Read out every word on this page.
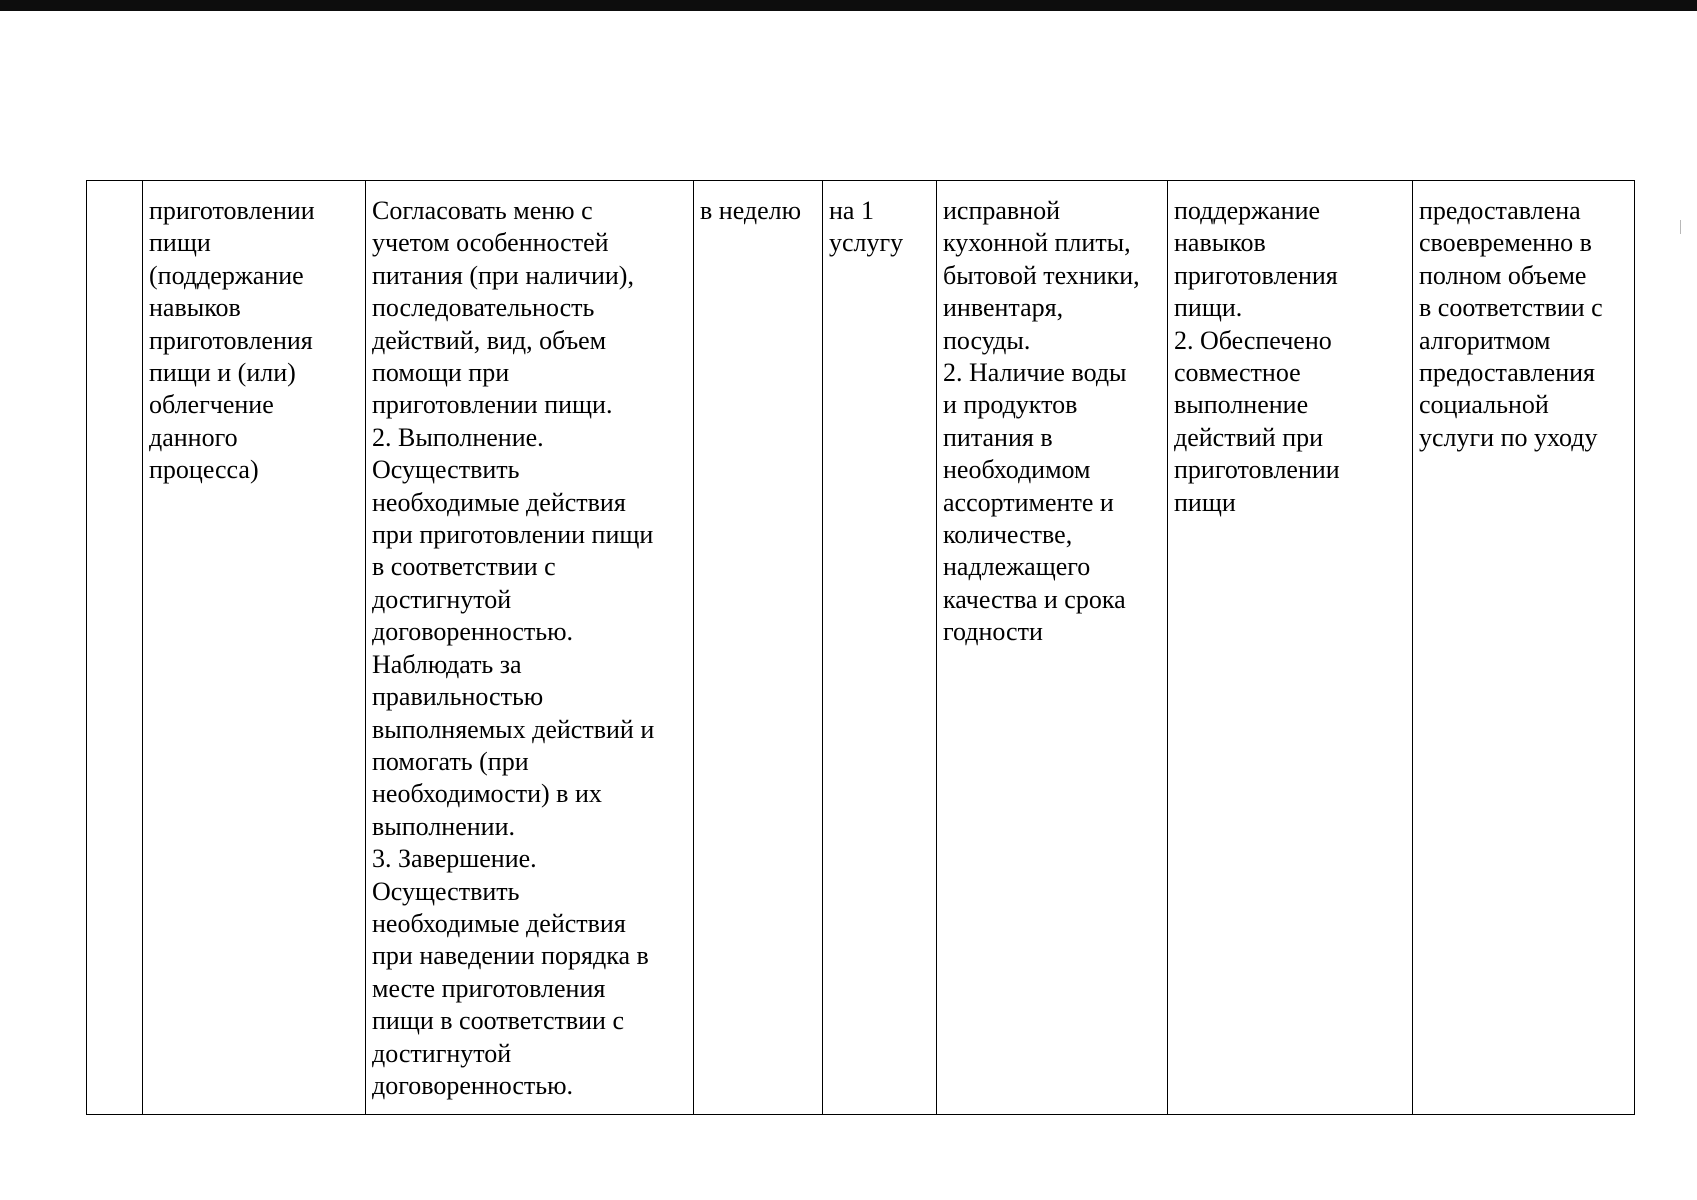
	приготовлении
пищи
(поддержание
навыков
приготовления
пищи и (или)
облегчение
данного
процесса)	Согласовать меню с
учетом особенностей
питания (при наличии),
последовательность
действий, вид, объем
помощи при
приготовлении пищи.
2. Выполнение.
Осуществить
необходимые действия
при приготовлении пищи
в соответствии с
достигнутой
договоренностью.
Наблюдать за
правильностью
выполняемых действий и
помогать (при
необходимости) в их
выполнении.
3. Завершение.
Осуществить
необходимые действия
при наведении порядка в
месте приготовления
пищи в соответствии с
достигнутой
договоренностью.	в неделю	на 1
услугу	исправной
кухонной плиты,
бытовой техники,
инвентаря,
посуды.
2. Наличие воды
и продуктов
питания в
необходимом
ассортименте и
количестве,
надлежащего
качества и срока
годности	поддержание
навыков
приготовления
пищи.
2. Обеспечено
совместное
выполнение
действий при
приготовлении
пищи	предоставлена
своевременно в
полном объеме
в соответствии с
алгоритмом
предоставления
социальной
услуги по уходу
